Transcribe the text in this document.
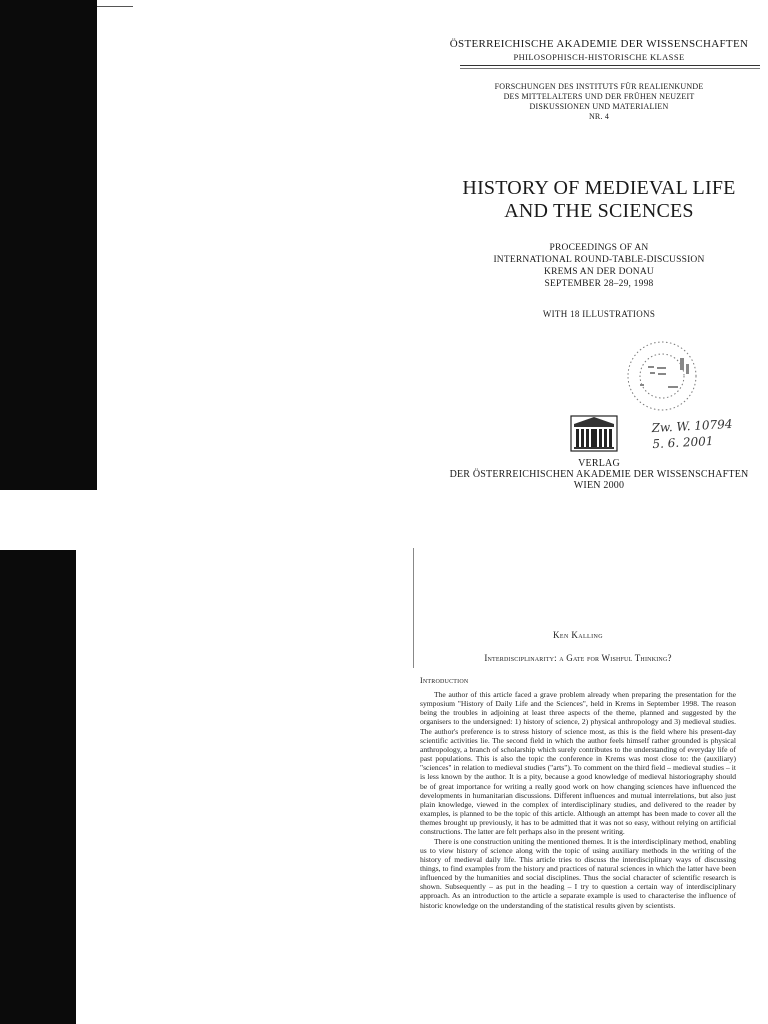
ÖSTERREICHISCHE AKADEMIE DER WISSENSCHAFTEN
PHILOSOPHISCH-HISTORISCHE KLASSE
FORSCHUNGEN DES INSTITUTS FÜR REALIENKUNDE
DES MITTELALTERS UND DER FRÜHEN NEUZEIT
DISKUSSIONEN UND MATERIALIEN
NR. 4
HISTORY OF MEDIEVAL LIFE
AND THE SCIENCES
PROCEEDINGS OF AN
INTERNATIONAL ROUND-TABLE-DISCUSSION
KREMS AN DER DONAU
SEPTEMBER 28–29, 1998
WITH 18 ILLUSTRATIONS
Zw. W. 10794
5. 6. 2001
VERLAG
DER ÖSTERREICHISCHEN AKADEMIE DER WISSENSCHAFTEN
WIEN 2000
Ken Kalling
Interdisciplinarity: a Gate for Wishful Thinking?
Introduction

The author of this article faced a grave problem already when preparing the presentation for the symposium "History of Daily Life and the Sciences", held in Krems in September 1998. The reason being the troubles in adjoining at least three aspects of the theme, planned and suggested by the organisers to the undersigned: 1) history of science, 2) physical anthropology and 3) medieval studies. The author's preference is to stress history of science most, as this is the field where his present-day scientific activities lie. The second field in which the author feels himself rather grounded is physical anthropology, a branch of scholarship which surely contributes to the understanding of everyday life of past populations. This is also the topic the conference in Krems was most close to: the (auxiliary) "sciences" in relation to medieval studies ("arts"). To comment on the third field – medieval studies – it is less known by the author. It is a pity, because a good knowledge of medieval historiography should be of great importance for writing a really good work on how changing sciences have influenced the developments in humanitarian discussions. Different influences and mutual interrelations, but also just plain knowledge, viewed in the complex of interdisciplinary studies, and delivered to the reader by examples, is planned to be the topic of this article. Although an attempt has been made to cover all the themes brought up previously, it has to be admitted that it was not so easy, without relying on artificial constructions. The latter are felt perhaps also in the present writing.

There is one construction uniting the mentioned themes. It is the interdisciplinary method, enabling us to view history of science along with the topic of using auxiliary methods in the writing of the history of medieval daily life. This article tries to discuss the interdisciplinary ways of discussing things, to find examples from the history and practices of natural sciences in which the latter have been influenced by the humanities and social disciplines. Thus the social character of scientific research is shown. Subsequently – as put in the heading – I try to question a certain way of interdisciplinary approach. As an introduction to the article a separate example is used to characterise the influence of historic knowledge on the understanding of the statistical results given by scientists.
